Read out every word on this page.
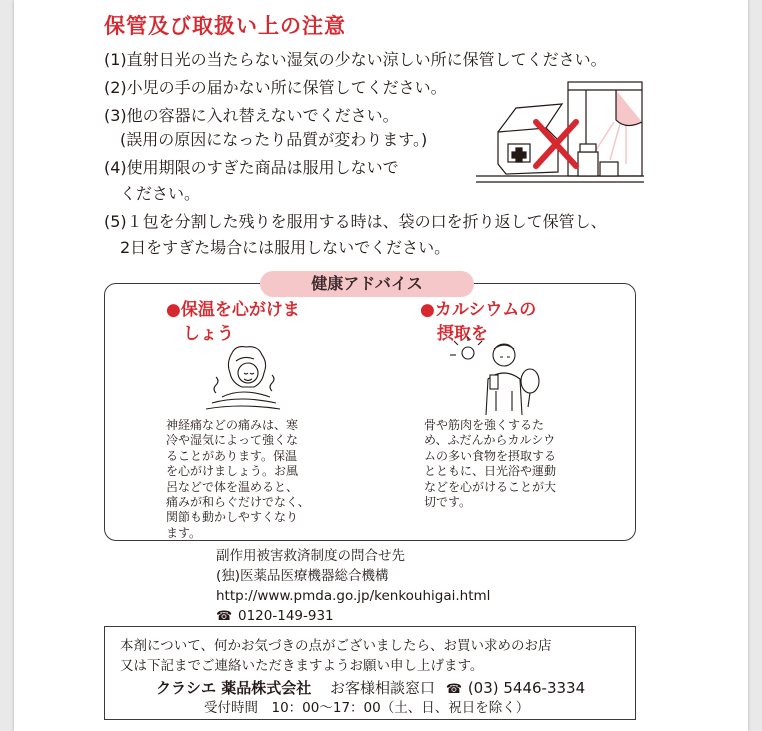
保管及び取扱い上の注意
(1)直射日光の当たらない湿気の少ない涼しい所に保管してください。
(2)小児の手の届かない所に保管してください。
(3)他の容器に入れ替えないでください。
　(誤用の原因になったり品質が変わります。)
(4)使用期限のすぎた商品は服用しないで
　ください。
(5)１包を分割した残りを服用する時は、袋の口を折り返して保管し、
　2日をすぎた場合には服用しないでください。
健康アドバイス
●保温を心がけま
　しょう
●カルシウムの
　摂取を
神経痛などの痛みは、寒
冷や湿気によって強くな
ることがあります。保温
を心がけましょう。お風
呂などで体を温めると、
痛みが和らぐだけでなく、
関節も動かしやすくなり
ます。
骨や筋肉を強くするた
め、ふだんからカルシウ
ムの多い食物を摂取する
とともに、日光浴や運動
などを心がけることが大
切です。
副作用被害救済制度の問合せ先
(独)医薬品医療機器総合機構
http://www.pmda.go.jp/kenkouhigai.html
☎ 0120-149-931
本剤について、何かお気づきの点がございましたら、お買い求めのお店
又は下記までご連絡いただきますようお願い申し上げます。
クラシエ 薬品株式会社 お客様相談窓口 ☎ (03) 5446-3334
受付時間　10：00〜17：00（土、日、祝日を除く）
